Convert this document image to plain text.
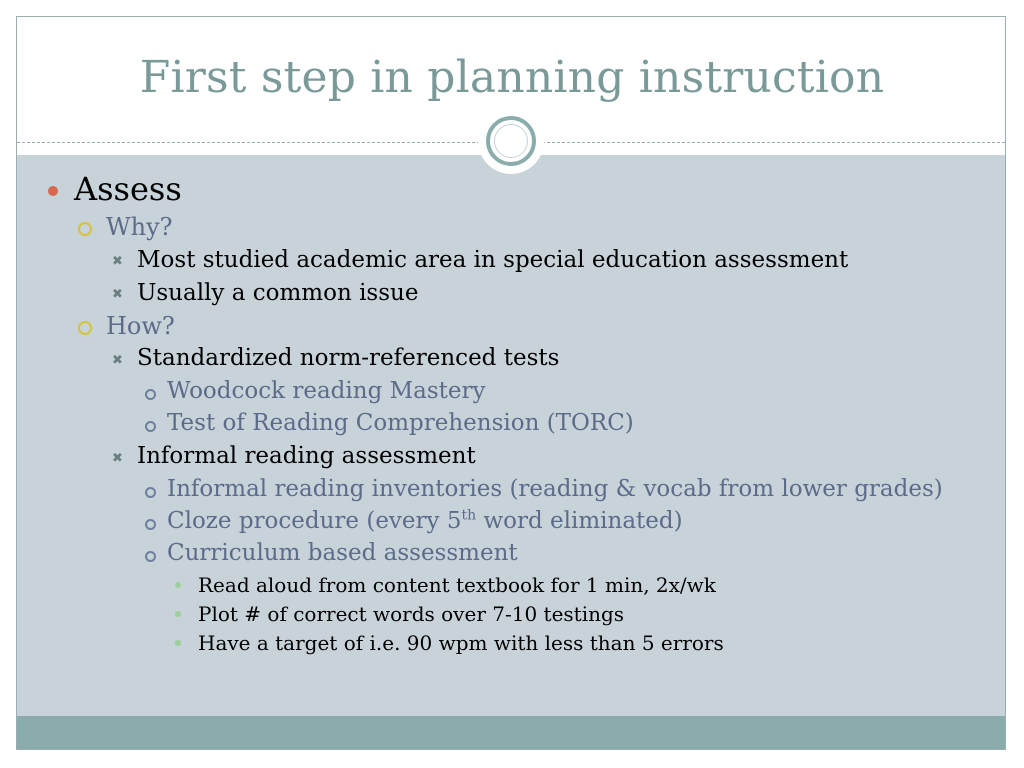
First step in planning instruction
Assess
Why?
✖ Most studied academic area in special education assessment
✖ Usually a common issue
How?
✖ Standardized norm-referenced tests
Woodcock reading Mastery
Test of Reading Comprehension (TORC)
✖ Informal reading assessment
Informal reading inventories (reading & vocab from lower grades)
Cloze procedure (every 5th word eliminated)
Curriculum based assessment
Read aloud from content textbook for 1 min, 2x/wk
Plot # of correct words over 7-10 testings
Have a target of i.e. 90 wpm with less than 5 errors
